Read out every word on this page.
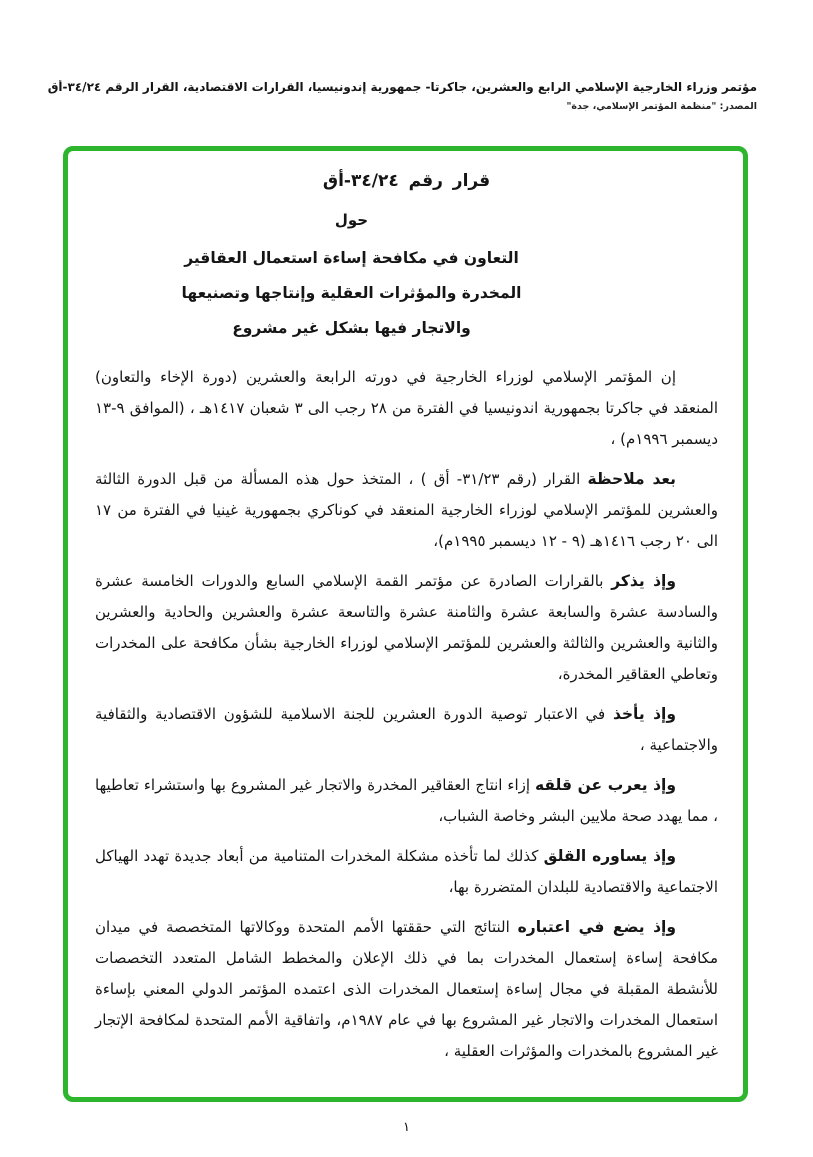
مؤتمر وزراء الخارجية الإسلامي الرابع والعشرين، جاكرتا- جمهورية إندونيسيا، القرارات الاقتصادية، القرار الرقم ٣٤/٢٤-أق
المصدر: "منظمة المؤتمر الإسلامي، جدة"
قرار رقم ٣٤/٢٤-أق
حول
التعاون في مكافحة إساءة استعمال العقاقير
المخدرة والمؤثرات العقلية وإنتاجها وتصنيعها
والاتجار فيها بشكل غير مشروع

إن المؤتمر الإسلامي لوزراء الخارجية في دورته الرابعة والعشرين (دورة الإخاء والتعاون) المنعقد في جاكرتا بجمهورية اندونيسيا في الفترة من ٢٨ رجب الى ٣ شعبان ١٤١٧هـ ، (الموافق ٩-١٣ ديسمبر ١٩٩٦م) ،

بعد ملاحظة القرار (رقم ٣١/٢٣- أق ) ، المتخذ حول هذه المسألة من قبل الدورة الثالثة والعشرين للمؤتمر الإسلامي لوزراء الخارجية المنعقد في كوناكري بجمهورية غينيا في الفترة من ١٧ الى ٢٠ رجب ١٤١٦هـ (٩ - ١٢ ديسمبر ١٩٩٥م)،

وإذ يذكر بالقرارات الصادرة عن مؤتمر القمة الإسلامي السابع والدورات الخامسة عشرة والسادسة عشرة والسابعة عشرة والثامنة عشرة والتاسعة عشرة والعشرين والحادية والعشرين والثانية والعشرين والثالثة والعشرين للمؤتمر الإسلامي لوزراء الخارجية بشأن مكافحة على المخدرات وتعاطي العقاقير المخدرة،

وإذ يأخذ في الاعتبار توصية الدورة العشرين للجنة الاسلامية للشؤون الاقتصادية والثقافية والاجتماعية ،

وإذ يعرب عن قلقه إزاء انتاج العقاقير المخدرة والاتجار غير المشروع بها واستشراء تعاطيها ، مما يهدد صحة ملايين البشر وخاصة الشباب،

وإذ يساوره القلق كذلك لما تأخذه مشكلة المخدرات المتنامية من أبعاد جديدة تهدد الهياكل الاجتماعية والاقتصادية للبلدان المتضررة بها،

وإذ يضع في اعتباره النتائج التي حققتها الأمم المتحدة ووكالاتها المتخصصة في ميدان مكافحة إساءة إستعمال المخدرات بما في ذلك الإعلان والمخطط الشامل المتعدد التخصصات للأنشطة المقبلة في مجال إساءة إستعمال المخدرات الذى اعتمده المؤتمر الدولي المعني بإساءة استعمال المخدرات والاتجار غير المشروع بها في عام ١٩٨٧م، واتفاقية الأمم المتحدة لمكافحة الإتجار غير المشروع بالمخدرات والمؤثرات العقلية ،

١
